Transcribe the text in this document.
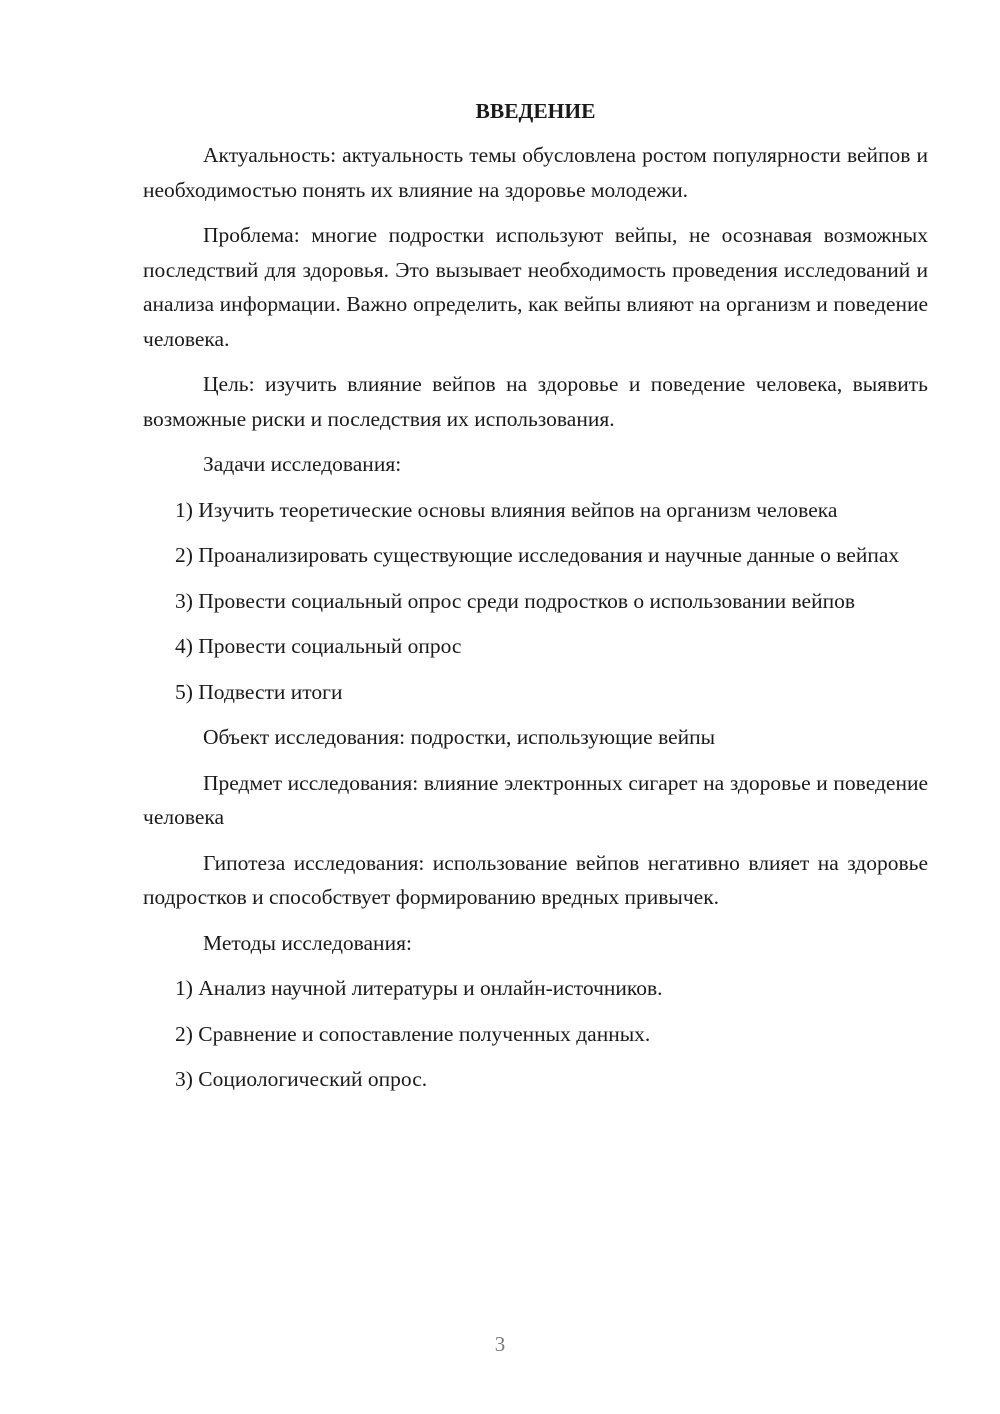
ВВЕДЕНИЕ

Актуальность: актуальность темы обусловлена ростом популярности вейпов и необходимостью понять их влияние на здоровье молодежи.

Проблема: многие подростки используют вейпы, не осознавая возможных последствий для здоровья. Это вызывает необходимость проведения исследований и анализа информации. Важно определить, как вейпы влияют на организм и поведение человека.

Цель: изучить влияние вейпов на здоровье и поведение человека, выявить возможные риски и последствия их использования.

Задачи исследования:

1) Изучить теоретические основы влияния вейпов на организм человека

2) Проанализировать существующие исследования и научные данные о вейпах

3) Провести социальный опрос среди подростков о использовании вейпов

4) Провести социальный опрос

5) Подвести итоги

Объект исследования: подростки, использующие вейпы

Предмет исследования: влияние электронных сигарет на здоровье и поведение человека

Гипотеза исследования: использование вейпов негативно влияет на здоровье подростков и способствует формированию вредных привычек.

Методы исследования:

1) Анализ научной литературы и онлайн-источников.

2) Сравнение и сопоставление полученных данных.

3) Социологический опрос.

3
